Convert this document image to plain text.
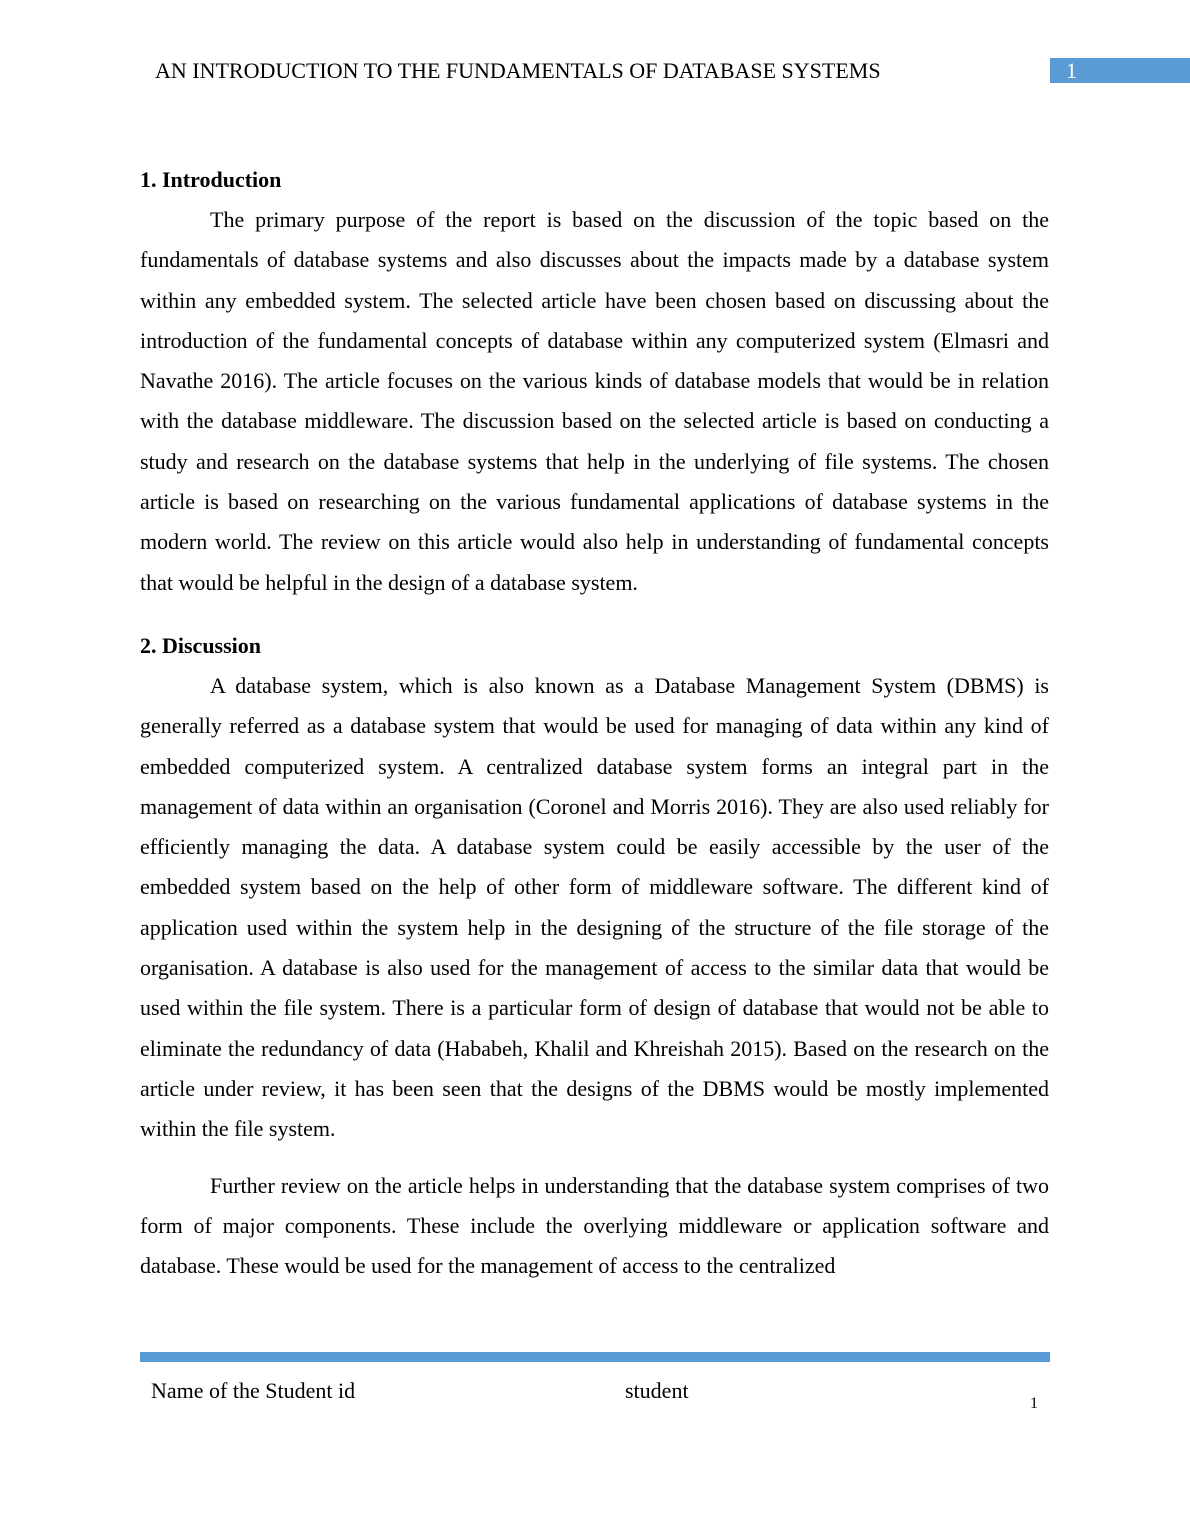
AN INTRODUCTION TO THE FUNDAMENTALS OF DATABASE SYSTEMS	1
1. Introduction

The primary purpose of the report is based on the discussion of the topic based on the fundamentals of database systems and also discusses about the impacts made by a database system within any embedded system. The selected article have been chosen based on discussing about the introduction of the fundamental concepts of database within any computerized system (Elmasri and Navathe 2016). The article focuses on the various kinds of database models that would be in relation with the database middleware. The discussion based on the selected article is based on conducting a study and research on the database systems that help in the underlying of file systems. The chosen article is based on researching on the various fundamental applications of database systems in the modern world. The review on this article would also help in understanding of fundamental concepts that would be helpful in the design of a database system.

2. Discussion

A database system, which is also known as a Database Management System (DBMS) is generally referred as a database system that would be used for managing of data within any kind of embedded computerized system. A centralized database system forms an integral part in the management of data within an organisation (Coronel and Morris 2016). They are also used reliably for efficiently managing the data. A database system could be easily accessible by the user of the embedded system based on the help of other form of middleware software. The different kind of application used within the system help in the designing of the structure of the file storage of the organisation. A database is also used for the management of access to the similar data that would be used within the file system. There is a particular form of design of database that would not be able to eliminate the redundancy of data (Hababeh, Khalil and Khreishah 2015). Based on the research on the article under review, it has been seen that the designs of the DBMS would be mostly implemented within the file system.

Further review on the article helps in understanding that the database system comprises of two form of major components. These include the overlying middleware or application software and database. These would be used for the management of access to the centralized

Name of the Student id	student
1
